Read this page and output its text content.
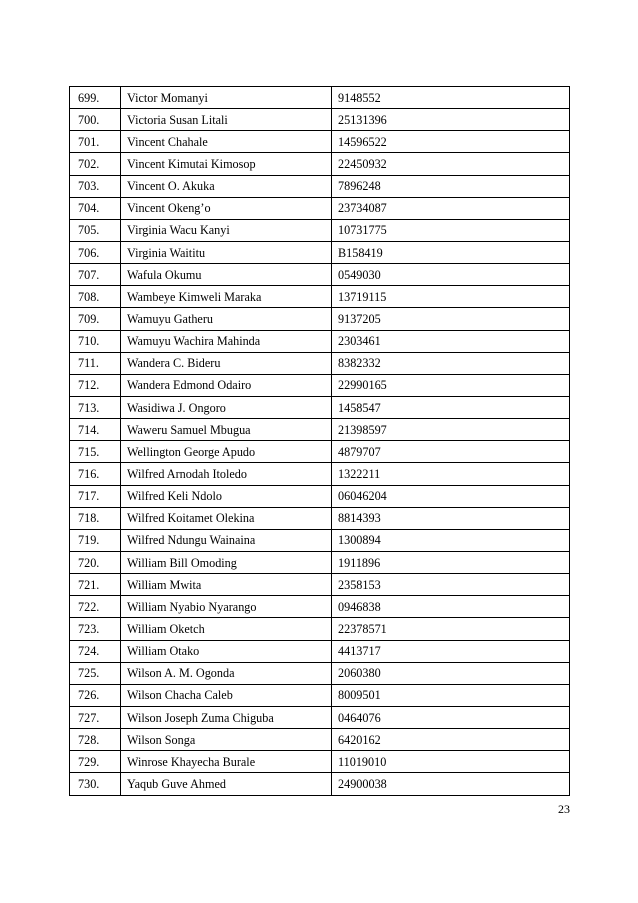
699.	Victor Momanyi	9148552
700.	Victoria Susan Litali	25131396
701.	Vincent Chahale	14596522
702.	Vincent Kimutai Kimosop	22450932
703.	Vincent O. Akuka	7896248
704.	Vincent Okeng’o	23734087
705.	Virginia Wacu Kanyi	10731775
706.	Virginia Waititu	B158419
707.	Wafula Okumu	0549030
708.	Wambeye Kimweli Maraka	13719115
709.	Wamuyu Gatheru	9137205
710.	Wamuyu Wachira Mahinda	2303461
711.	Wandera C. Bideru	8382332
712.	Wandera Edmond Odairo	22990165
713.	Wasidiwa J. Ongoro	1458547
714.	Waweru Samuel Mbugua	21398597
715.	Wellington George Apudo	4879707
716.	Wilfred Arnodah Itoledo	1322211
717.	Wilfred Keli Ndolo	06046204
718.	Wilfred Koitamet Olekina	8814393
719.	Wilfred Ndungu Wainaina	1300894
720.	William Bill Omoding	1911896
721.	William Mwita	2358153
722.	William Nyabio Nyarango	0946838
723.	William Oketch	22378571
724.	William Otako	4413717
725.	Wilson A. M. Ogonda	2060380
726.	Wilson Chacha Caleb	8009501
727.	Wilson Joseph Zuma Chiguba	0464076
728.	Wilson Songa	6420162
729.	Winrose Khayecha Burale	11019010
730.	Yaqub Guve Ahmed	24900038
23
